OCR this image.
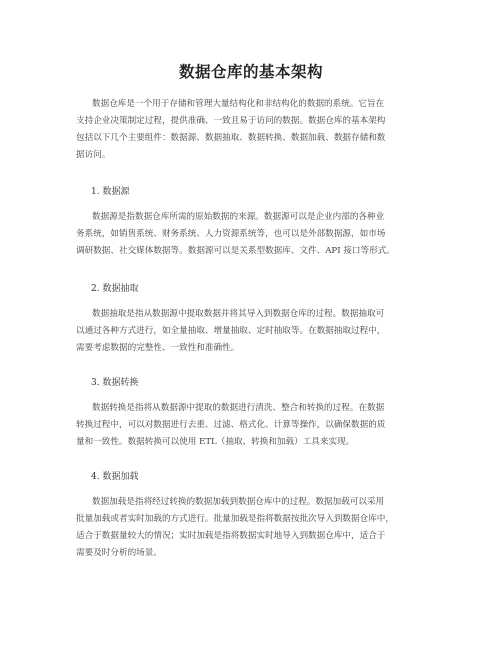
数据仓库的基本架构
数据仓库是一个用于存储和管理大量结构化和非结构化的数据的系统。它旨在
支持企业决策制定过程，提供准确、一致且易于访问的数据。数据仓库的基本架构
包括以下几个主要组件：数据源、数据抽取、数据转换、数据加载、数据存储和数
据访问。
1. 数据源
数据源是指数据仓库所需的原始数据的来源。数据源可以是企业内部的各种业
务系统，如销售系统、财务系统、人力资源系统等，也可以是外部数据源，如市场
调研数据、社交媒体数据等。数据源可以是关系型数据库、文件、API 接口等形式。
2. 数据抽取
数据抽取是指从数据源中提取数据并将其导入到数据仓库的过程。数据抽取可
以通过各种方式进行，如全量抽取、增量抽取、定时抽取等。在数据抽取过程中，
需要考虑数据的完整性、一致性和准确性。
3. 数据转换
数据转换是指将从数据源中提取的数据进行清洗、整合和转换的过程。在数据
转换过程中，可以对数据进行去重、过滤、格式化、计算等操作，以确保数据的质
量和一致性。数据转换可以使用 ETL（抽取、转换和加载）工具来实现。
4. 数据加载
数据加载是指将经过转换的数据加载到数据仓库中的过程。数据加载可以采用
批量加载或者实时加载的方式进行。批量加载是指将数据按批次导入到数据仓库中，
适合于数据量较大的情况；实时加载是指将数据实时地导入到数据仓库中，适合于
需要及时分析的场景。
